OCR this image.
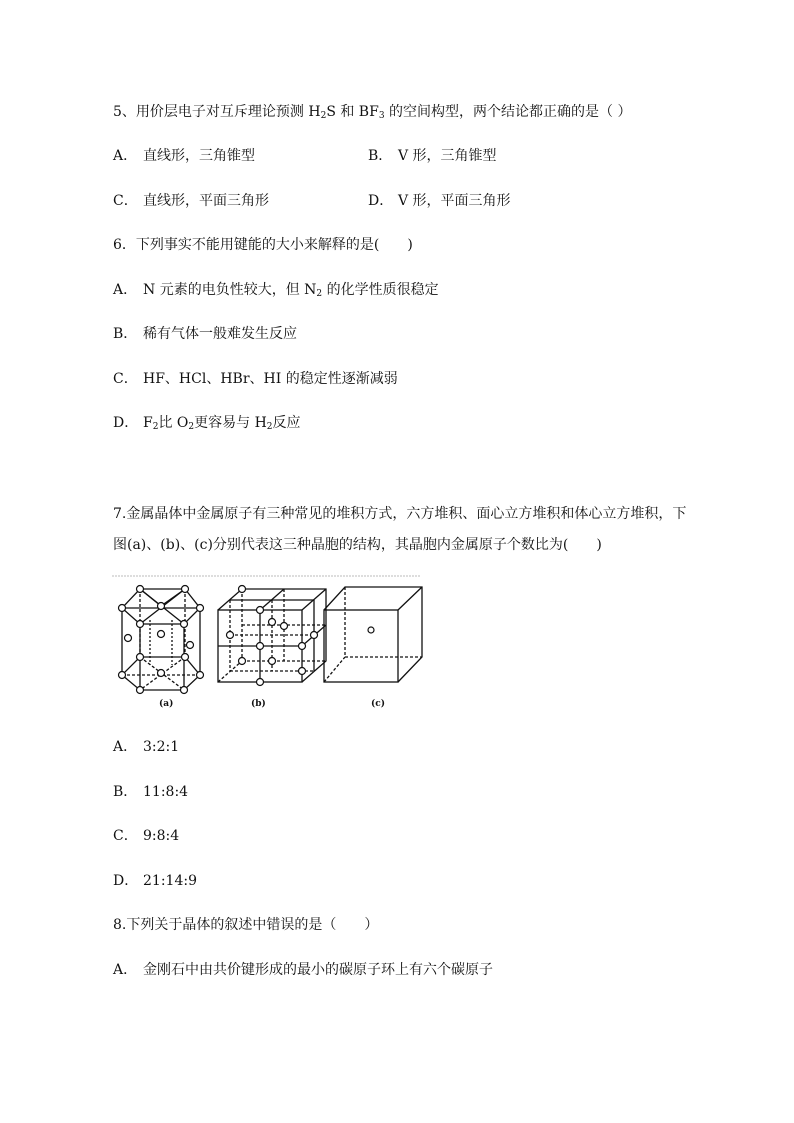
5、用价层电子对互斥理论预测 $H_2S$ 和 $BF_3$ 的空间构型，两个结论都正确的是（ ）
A． 直线形，三角锥型	B． V 形，三角锥型
C． 直线形，平面三角形	D． V 形，平面三角形
6．下列事实不能用键能的大小来解释的是(　　)
A． N 元素的电负性较大，但 $N_2$ 的化学性质很稳定
B． 稀有气体一般难发生反应
C． HF、HCl、HBr、HI 的稳定性逐渐减弱
D． $F_2$比 $O_2$更容易与 $H_2$反应
7.金属晶体中金属原子有三种常见的堆积方式，六方堆积、面心立方堆积和体心立方堆积，下
图(a)、(b)、(c)分别代表这三种晶胞的结构，其晶胞内金属原子个数比为(　　)
(a)	(b)	(c)
A． 3:2:1
B． 11:8:4
C． 9:8:4
D． 21:14:9
8.下列关于晶体的叙述中错误的是（　　）
A． 金刚石中由共价键形成的最小的碳原子环上有六个碳原子
